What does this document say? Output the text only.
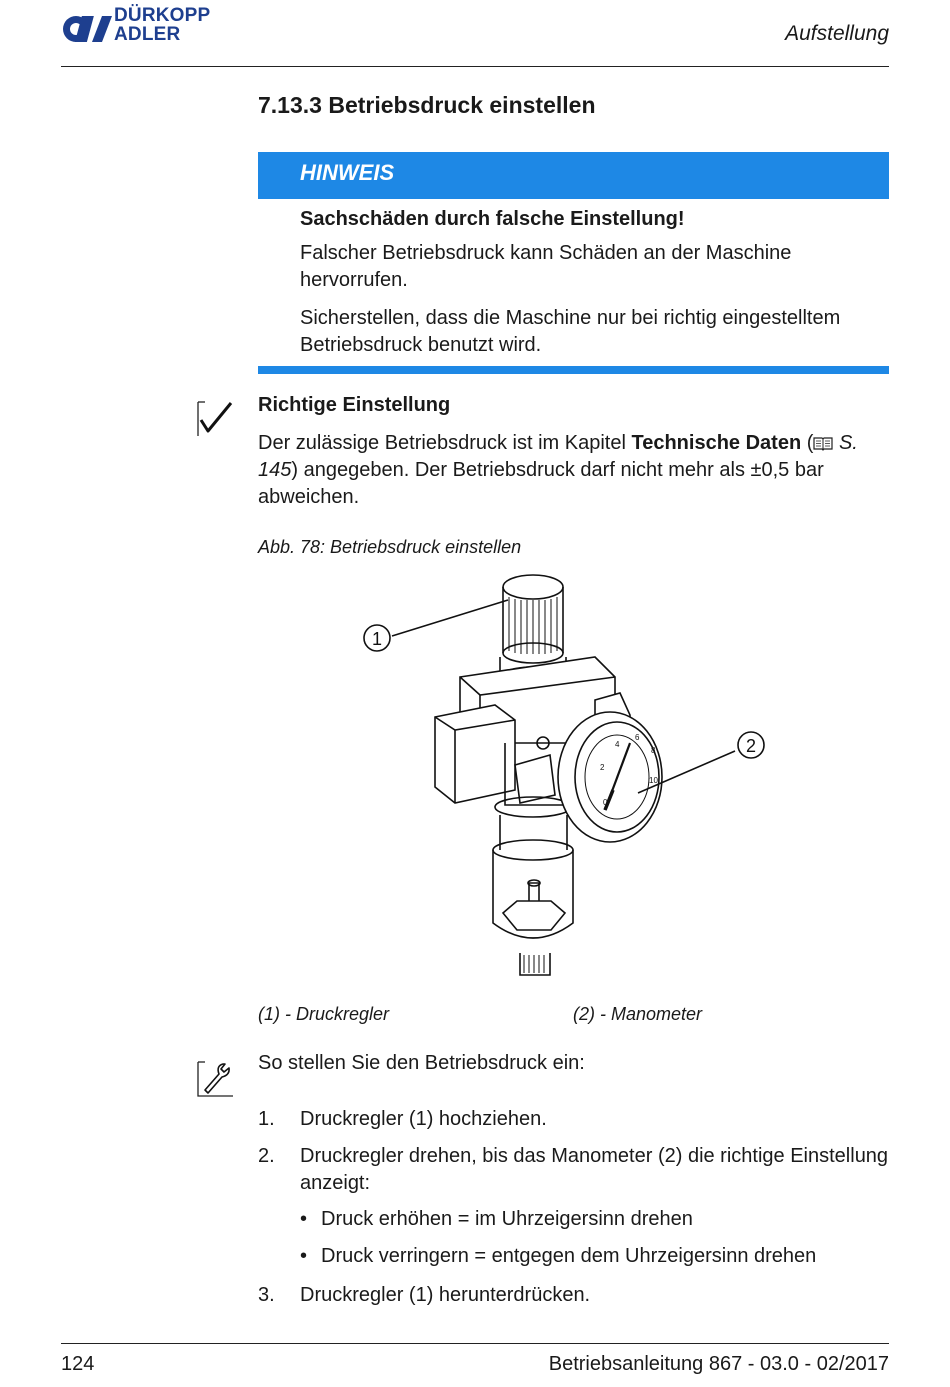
DÜRKOPP
ADLER	Aufstellung
7.13.3 Betriebsdruck einstellen
HINWEIS
Sachschäden durch falsche Einstellung!
Falscher Betriebsdruck kann Schäden an der Maschine hervorrufen.
Sicherstellen, dass die Maschine nur bei richtig eingestelltem Betriebsdruck benutzt wird.
Richtige Einstellung
Der zulässige Betriebsdruck ist im Kapitel Technische Daten ( S. 145) angegeben. Der Betriebsdruck darf nicht mehr als ±0,5 bar abweichen.
Abb. 78: Betriebsdruck einstellen
0
2
4
6
8
10
1
2
(1) - Druckregler	(2) - Manometer
So stellen Sie den Betriebsdruck ein:
1. Druckregler (1) hochziehen.
2. Druckregler drehen, bis das Manometer (2) die richtige Einstellung anzeigt:
• Druck erhöhen = im Uhrzeigersinn drehen
• Druck verringern = entgegen dem Uhrzeigersinn drehen
3. Druckregler (1) herunterdrücken.
124	Betriebsanleitung 867 - 03.0 - 02/2017
